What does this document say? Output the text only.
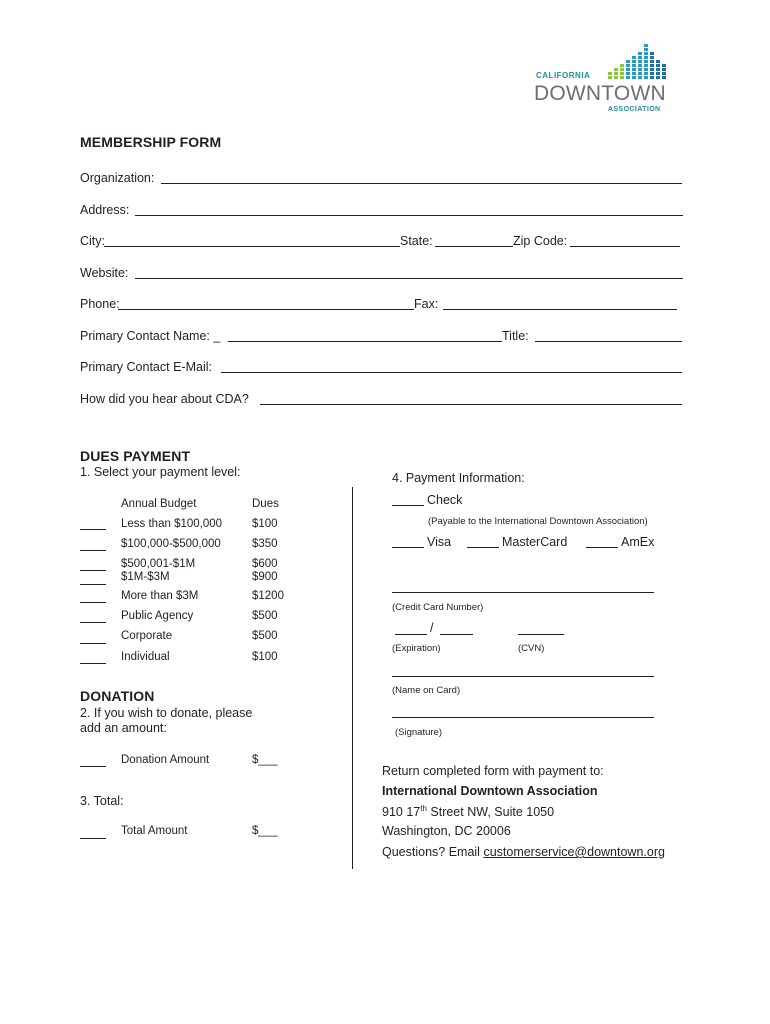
CALIFORNIA
DOWNTOWN
ASSOCIATION
MEMBERSHIP FORM
Organization:
Address:
City:	State:	Zip Code:
Website:
Phone:	Fax:
Primary Contact Name: _	Title:
Primary Contact E-Mail:
How did you hear about CDA?
DUES PAYMENT
1. Select your payment level:
Annual Budget	Dues
Less than $100,000	$100
$100,000-$500,000	$350
$500,001-$1M	$600
$1M-$3M	$900
More than $3M	$1200
Public Agency	$500
Corporate	$500
Individual	$100
DONATION
2. If you wish to donate, please
add an amount:
Donation Amount	$___
3. Total:
Total Amount	$___
4. Payment Information:
Check
(Payable to the International Downtown Association)
Visa	MasterCard	AmEx
(Credit Card Number)
/
(Expiration)	(CVN)
(Name on Card)
(Signature)
Return completed form with payment to:
International Downtown Association
910 17th Street NW, Suite 1050
Washington, DC 20006
Questions? Email customerservice@downtown.org
